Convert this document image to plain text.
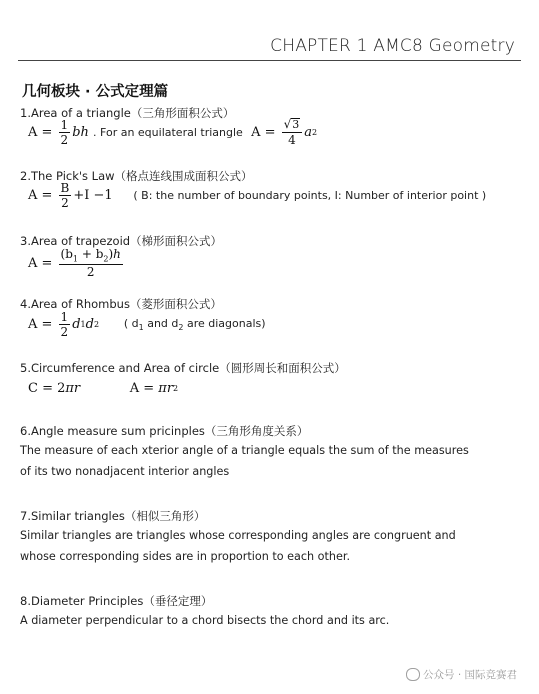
CHAPTER 1 AMC8 Geometry
几何板块 · 公式定理篇
1.Area of a triangle（三角形面积公式）
$A = \frac{1}{2}$ bh
. For an equilateral triangle $A = \frac{√ 3}{4}$ a 2
2.The Pick's Law（格点连线围成面积公式）
$A = \frac{B}{2} +I -1$ ( B: the number of boundary points, I: Number of interior point )
3.Area of trapezoid（梯形面积公式）
$A = \frac{(b_1 + b_2)h}{2}$
4.Area of Rhombus（菱形面积公式）
$A = \frac{1}{2}$ d 1 d 2
( $d_1$ and $d_2$ are diagonals)
5.Circumference and Area of circle（圆形周长和面积公式）
C = 2 πr A = πr 2
6.Angle measure sum pricinples（三角形角度关系）
The measure of each xterior angle of a triangle equals the sum of the measures of its two nonadjacent interior angles
7.Similar triangles（相似三角形）
Similar triangles are triangles whose corresponding angles are congruent and whose corresponding sides are in proportion to each other.
8.Diameter Principles（垂径定理）
A diameter perpendicular to a chord bisects the chord and its arc.
公众号 · 国际竞赛君
